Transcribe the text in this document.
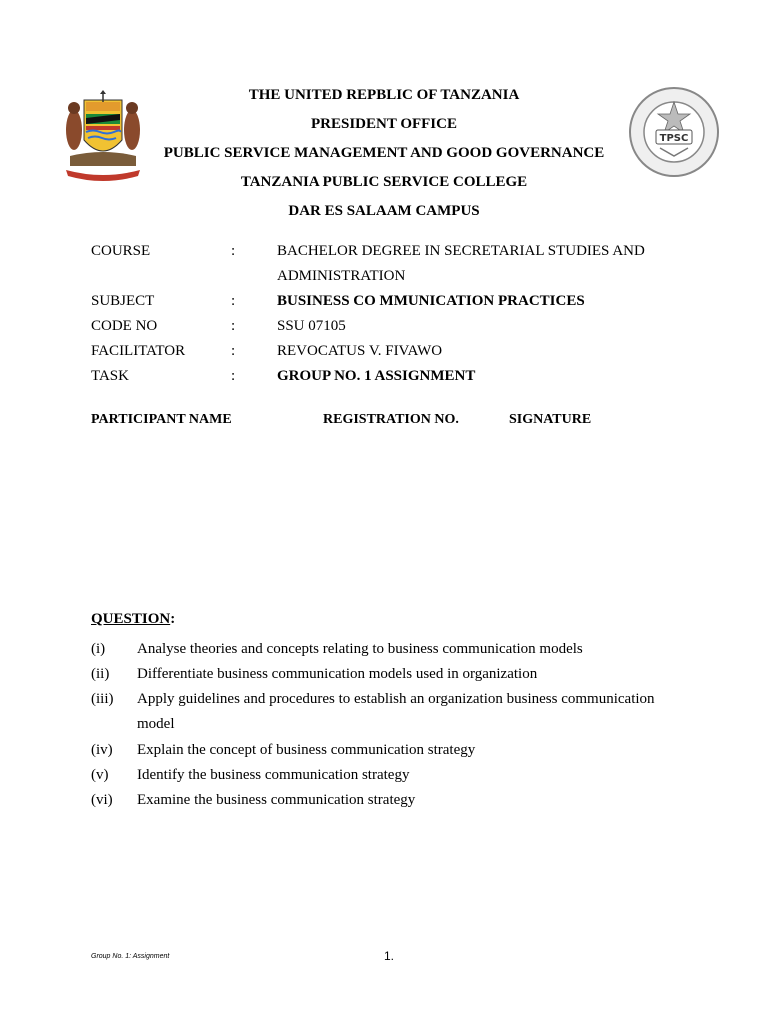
TPSC
THE UNITED REPBLIC OF TANZANIA
PRESIDENT OFFICE
PUBLIC SERVICE MANAGEMENT AND GOOD GOVERNANCE
TANZANIA PUBLIC SERVICE COLLEGE
DAR ES SALAAM CAMPUS
COURSE	:	BACHELOR DEGREE IN SECRETARIAL STUDIES AND
ADMINISTRATION
SUBJECT	:	BUSINESS CO MMUNICATION PRACTICES
CODE NO	:	SSU 07105
FACILITATOR	:	REVOCATUS V. FIVAWO
TASK	:	GROUP NO. 1 ASSIGNMENT
PARTICIPANT NAME	REGISTRATION NO.	SIGNATURE
QUESTION:
(i) Analyse theories and concepts relating to business communication models
(ii) Differentiate business communication models used in organization
(iii) Apply guidelines and procedures to establish an organization business communication
model
(iv) Explain the concept of business communication strategy
(v) Identify the business communication strategy
(vi) Examine the business communication strategy
Group No. 1: Assignment	1.
